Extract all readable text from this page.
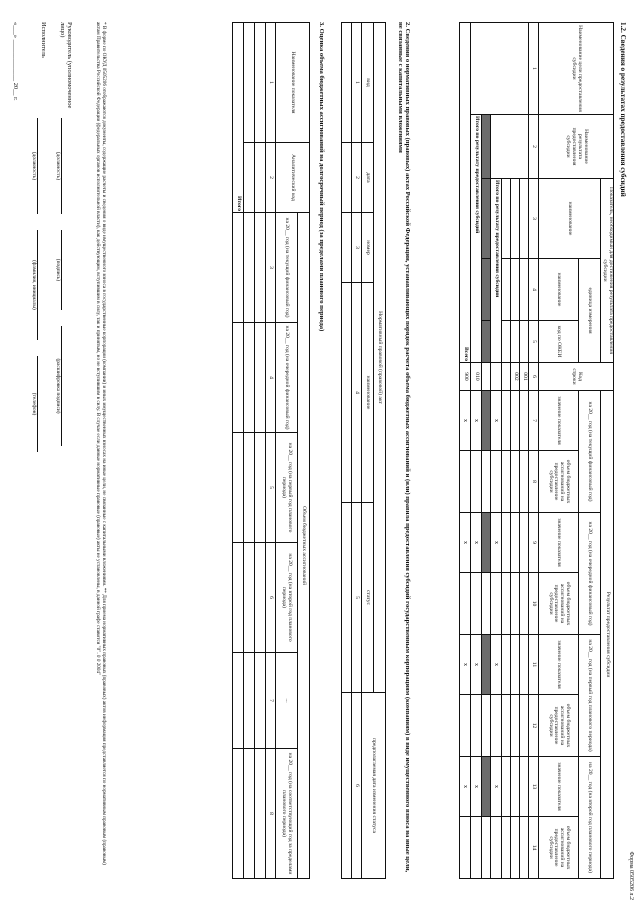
Форма 0505206 л.2
1.2. Сведения о результатах предоставления субсидий
Наименование цели предоставления субсидии	Наименование результата предоставления субсидии	Показатель, необходимый для достижения результата предоставления субсидии			Код строки	Результат предоставления субсидии							
		наименование	единица измерения			на 20__ год (на текущий финансовый год)		на 20__ год (на очередной финансовый год)		на 20__ год (на первый год планового периода)		на 20__ год (на второй год планового периода)	
			наименование	код по ОКЕИ		значение показателя	объем бюджетных ассигнований на предоставление субсидии	значение показателя	объем бюджетных ассигнований на предоставление субсидии	значение показателя	объем бюджетных ассигнований на предоставление субсидии	значение показателя	объем бюджетных ассигнований на предоставление субсидии
1	2	3	4	5	6	7	8	9	10	11	12	13	14
					001								
					002								

		Итого по результату предоставления субсидии				x		x		x		x	

	Итого по результату предоставления субсидий				010	x		x		x		x	
Всего					900	x		x		x		x	
2. Сведения о нормативных правовых (правовых) актах Российской Федерации, устанавливающих порядок расчета объема бюджетных ассигнований и (или) правила предоставления субсидий государственным корпорациям (компаниям) в виде имущественного взноса на иные цели, не связанные с капитальными вложениями
Нормативный правовой (правовой) акт					предполагаемая дата изменения статуса
вид	дата	номер	наименование	статус	
1	2	3	4	5	6

3. Оценка объема бюджетных ассигнований на долгосрочный период (за пределами планового периода)
Наименование показателя	Аналитический код	Объем бюджетных ассигнований					
		на 20__ год (на текущий финансовый год)	на 20__ год (на очередной финансовый год)	на 20__ год (на первый год планового периода)	на 20__ год (на второй год планового периода)	...	на 20__ год (на соответствующий год за пределами планового периода)
1	2	3	4	5	6	7	8

Итого							
* В форме по ОКУД 0505206 отображаются документы, содержащие расчеты и сведения о виде имущественного взноса в государственные корпорации (компании) и иных имущественных взносах на иные цели, не связанные с капитальными вложениями. ** Для приема нормативных правовых (правовых) актов информация представляется по нормативным правовым (правовым) актам Правительства Российской Федерации (федеральных органов исполнительной власти), как действующим, вступившим в силу, так и принятым, но не вступившим в силу. В случае если данные нормативные правовые (правовые) акты не установлены, в данной графе ставится "0". 0 0 2004"
Руководитель (уполномоченное лицо)
(должность)
(подпись)
(расшифровка подписи)
Исполнитель
(должность)
(фамилия, инициалы)
(телефон)
«___» _____________ 20__ г.
